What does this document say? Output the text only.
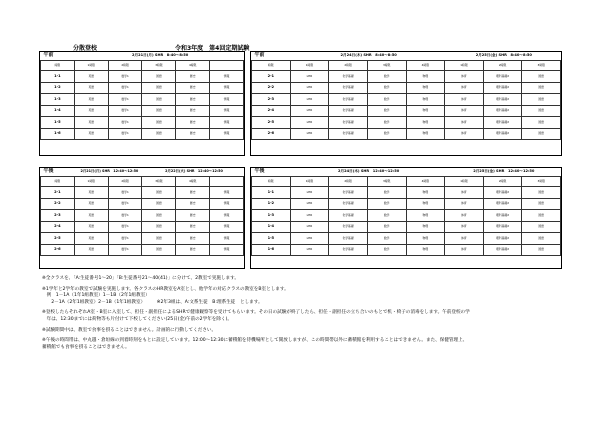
分散登校	令和3年度　第4回定期試験
午前	2月21日(月) SHR　8:40～8:50				
時限	1時限	2時限	3時限	4時限	
1-1	英語	数学1	国語	歴史	情報
1-2	英語	数学1	国語	歴史	情報
1-3	英語	数学1	国語	歴史	情報
1-4	英語	数学1	国語	歴史	情報
1-5	英語	数学1	国語	歴史	情報
1-6	英語	数学1	国語	歴史	情報
午前	2月24日(木) SHR　8:40～8:50				2月25日(金) SHR　8:40～8:50		
時限	1時限	2時限	3時限	4時限	1時限	2時限	3時限
2-1	LHR	化学基礎	数学	物理	体育	理科基礎2	国語
2-2	LHR	化学基礎	数学	物理	体育	理科基礎2	国語
2-3	LHR	化学基礎	数学	物理	体育	理科基礎2	国語
2-4	LHR	化学基礎	数学	物理	体育	理科基礎2	国語
2-5	LHR	化学基礎	数学	物理	体育	理科基礎2	国語
2-6	LHR	化学基礎	数学	物理	体育	理科基礎2	国語
午後	2月21日(月) SHR　12:40～12:50		2月22日(火) SHR　12:40～12:50		
時限	1時限	2時限	3時限	4時限	
2-1	英語	数学1	国語	歴史	情報
2-2	英語	数学1	国語	歴史	情報
2-3	英語	数学1	国語	歴史	情報
2-4	英語	数学1	国語	歴史	情報
2-5	英語	数学1	国語	歴史	情報
2-6	英語	数学1	国語	歴史	情報
午後	2月24日(木) SHR　12:40～12:50				2月25日(金) SHR　12:40～12:50		
時限	1時限	2時限	3時限	4時限	1時限	2時限	3時限
1-1	LHR	化学基礎	数学	物理	体育	理科基礎2	国語
1-2	LHR	化学基礎	数学	物理	体育	理科基礎2	国語
1-3	LHR	化学基礎	数学	物理	体育	理科基礎2	国語
1-4	LHR	化学基礎	数学	物理	体育	理科基礎2	国語
1-5	LHR	化学基礎	数学	物理	体育	理科基礎2	国語
1-6	LHR	化学基礎	数学	物理	体育	理科基礎2	国語

※全クラスを、「A:生徒番号1～20」「B:生徒番号21～40(41)」に分けて、2教室で実施します。

※1学年と2学年の教室で試験を実施します。各クラスのHR教室をA室とし、他学年の対応クラスの教室をB室とします。
　例　1－1A（1年1組教室）1－1B（2年1組教室）
　　2－1A（2年1組教室）2－1B（1年1組教室）　　　※2年3組は、A:文系生徒　B:理系生徒　とします。
※登校したらそれぞれA室・B室に入室して、担任・副担任によるSHRで健康観察等を受けてもらいます。その日の試験が終了したら、担任・副担任の立ち合いのもとで机・椅子の消毒をします。午前登校の学
　年は、12:30までには荷物等も片付けて下校してください(25日(金)午前の2学年を除く)。

※試験期間中は、教室で食事を摂ることはできません。計画的に行動してください。

※午後の時間帯は、中丸越・倉垣線の到着時刻をもとに設定しています。12:00～12:30に蓄積館を待機場所として開放しますが、この時間帯以外に蓄積館を利用することはできません。また、保健管理上、
蓄積館でも食事を摂ることはできません。
